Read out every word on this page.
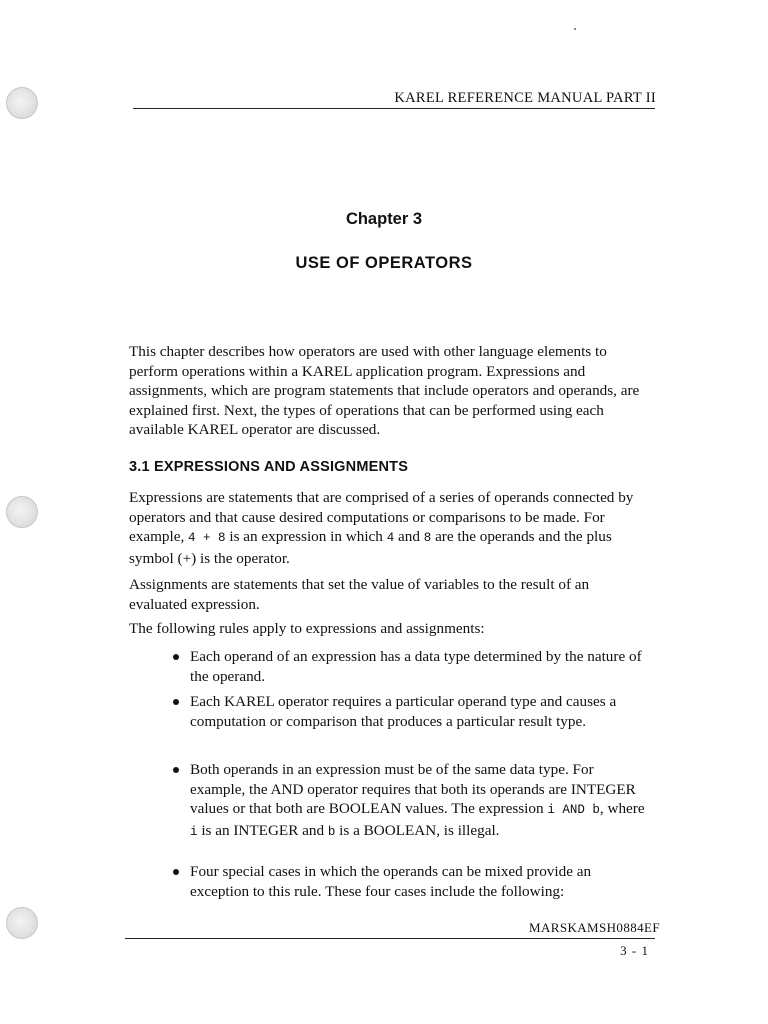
KAREL REFERENCE MANUAL PART II
Chapter 3
USE OF OPERATORS

This chapter describes how operators are used with other language elements to perform operations within a KAREL application program. Expressions and assignments, which are program statements that include operators and operands, are explained first. Next, the types of operations that can be performed using each available KAREL operator are discussed.

3.1 EXPRESSIONS AND ASSIGNMENTS

Expressions are statements that are comprised of a series of operands connected by operators and that cause desired computations or comparisons to be made. For example, 4 + 8 is an expression in which 4 and 8 are the operands and the plus symbol (+) is the operator.

Assignments are statements that set the value of variables to the result of an evaluated expression.

The following rules apply to expressions and assignments:

Each operand of an expression has a data type determined by the nature of the operand.
Each KAREL operator requires a particular operand type and causes a computation or comparison that produces a particular result type.
Both operands in an expression must be of the same data type. For example, the AND operator requires that both its operands are INTEGER values or that both are BOOLEAN values. The expression i AND b, where i is an INTEGER and b is a BOOLEAN, is illegal.
Four special cases in which the operands can be mixed provide an exception to this rule. These four cases include the following:
MARSKAMSH0884EF
3 - 1
